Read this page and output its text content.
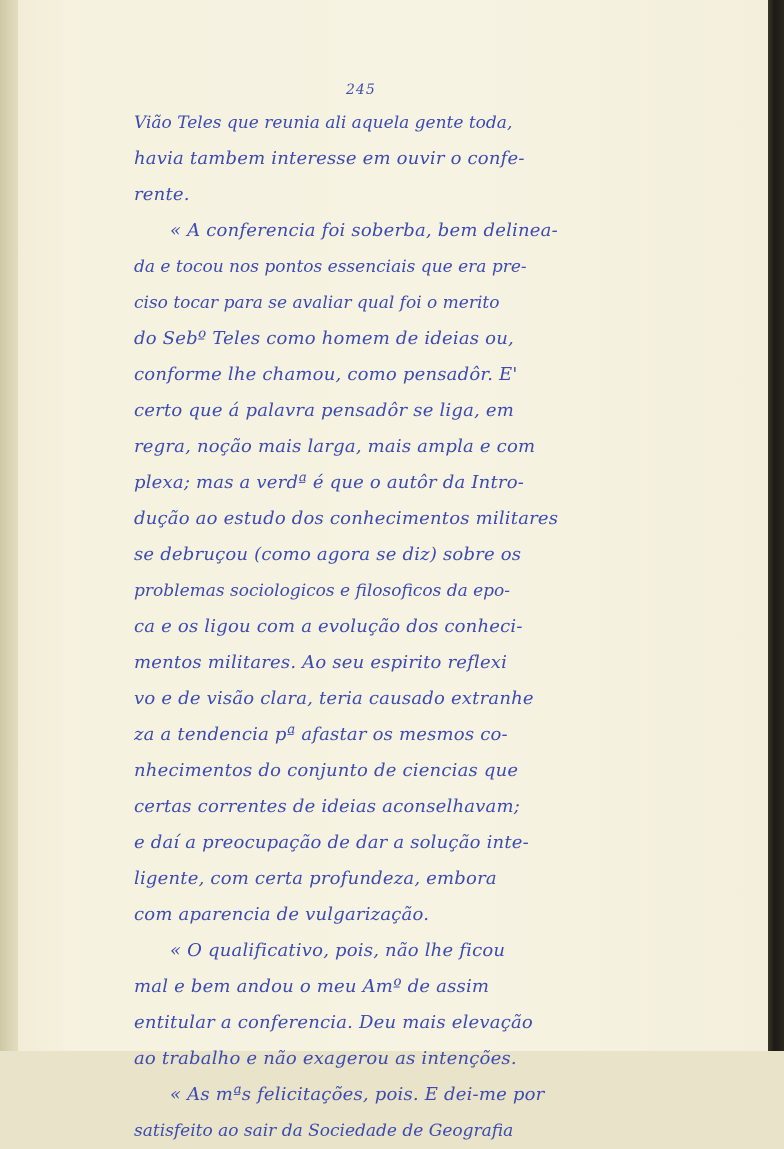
245
Vião Teles que reunia ali aquela gente toda,
havia tambem interesse em ouvir o confe-
rente.
« A conferencia foi soberba, bem delinea-
da e tocou nos pontos essenciais que era pre-
ciso tocar para se avaliar qual foi o merito
do Sebº Teles como homem de ideias ou,
conforme lhe chamou, como pensadôr. E'
certo que á palavra pensadôr se liga, em
regra, noção mais larga, mais ampla e com
plexa; mas a verdª é que o autôr da Intro-
dução ao estudo dos conhecimentos militares
se debruçou (como agora se diz) sobre os
problemas sociologicos e filosoficos da epo-
ca e os ligou com a evolução dos conheci-
mentos militares. Ao seu espirito reflexi
vo e de visão clara, teria causado extranhe
za a tendencia pª afastar os mesmos co-
nhecimentos do conjunto de ciencias que
certas correntes de ideias aconselhavam;
e daí a preocupação de dar a solução inte-
ligente, com certa profundeza, embora
com aparencia de vulgarização.
« O qualificativo, pois, não lhe ficou
mal e bem andou o meu Amº de assim
entitular a conferencia. Deu mais elevação
ao trabalho e não exagerou as intenções.
« As mªs felicitações, pois. E dei-me por
satisfeito ao sair da Sociedade de Geografia
